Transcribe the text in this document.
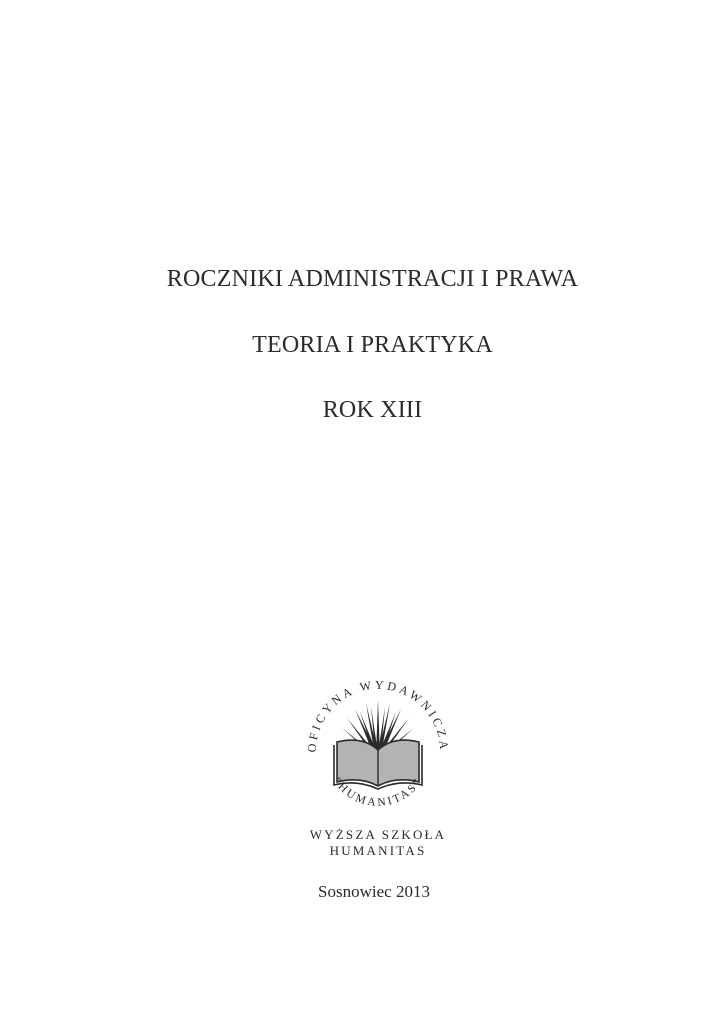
ROCZNIKI ADMINISTRACJI I PRAWA
TEORIA I PRAKTYKA
ROK XIII
OFICYNA WYDAWNICZA
“HUMANITAS”
WYŻSZA SZKOŁA
HUMANITAS
Sosnowiec 2013
